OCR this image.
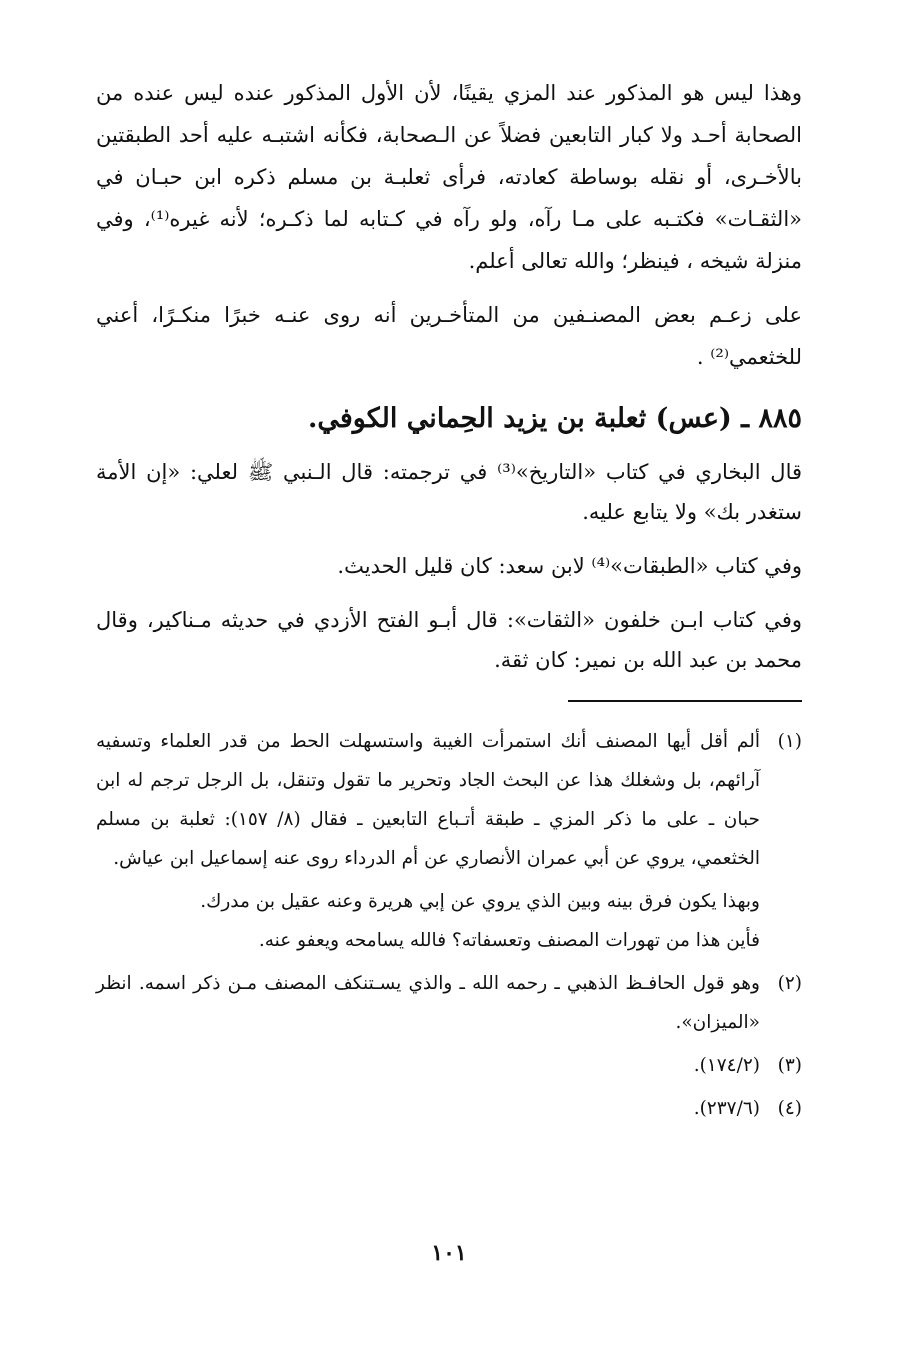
وهذا ليس هو المذكور عند المزي يقينًا، لأن الأول المذكور عنده ليس عنده من الصحابة أحـد ولا كبار التابعين فضلاً عن الـصحابة، فكأنه اشتبـه عليه أحد الطبقتين بالأخـرى، أو نقله بوساطة كعادته، فرأى ثعلبـة بن مسلم ذكره ابن حبـان في «الثقـات» فكتـبه على مـا رآه، ولو رآه في كـتابه لما ذكـره؛ لأنه غيره⁽¹⁾، وفي منزلة شيخه ، فينظر؛ والله تعالى أعلم.

على زعـم بعض المصنـفين من المتأخـرين أنه روى عنـه خبرًا منكـرًا، أعني للخثعمي⁽²⁾ .

٨٨٥ ـ (عس) ثعلبة بن يزيد الحِماني الكوفي.

قال البخاري في كتاب «التاريخ»⁽³⁾ في ترجمته: قال الـنبي ﷺ لعلي: «إن الأمة ستغدر بك» ولا يتابع عليه.

وفي كتاب «الطبقات»⁽⁴⁾ لابن سعد: كان قليل الحديث.

وفي كتاب ابـن خلفون «الثقات»: قال أبـو الفتح الأزدي في حديثه مـناكير، وقال محمد بن عبد الله بن نمير: كان ثقة.

(١)
ألم أقل أيها المصنف أنك استمرأت الغيبة واستسهلت الحط من قدر العلماء وتسفيه آرائهم، بل وشغلك هذا عن البحث الجاد وتحرير ما تقول وتنقل، بل الرجل ترجم له ابن حبان ـ على ما ذكر المزي ـ طبقة أتـباع التابعين ـ فقال (٨/ ١٥٧): ثعلبة بن مسلم الخثعمي، يروي عن أبي عمران الأنصاري عن أم الدرداء روى عنه إسماعيل ابن عياش.
وبهذا يكون فرق بينه وبين الذي يروي عن إبي هريرة وعنه عقيل بن مدرك.
فأين هذا من تهورات المصنف وتعسفاته؟ فالله يسامحه ويعفو عنه.
(٢)
وهو قول الحافـظ الذهبي ـ رحمه الله ـ والذي يسـتنكف المصنف مـن ذكر اسمه. انظر «الميزان».
(٣)
(١٧٤/٢).
(٤)
(٢٣٧/٦).
١٠١
